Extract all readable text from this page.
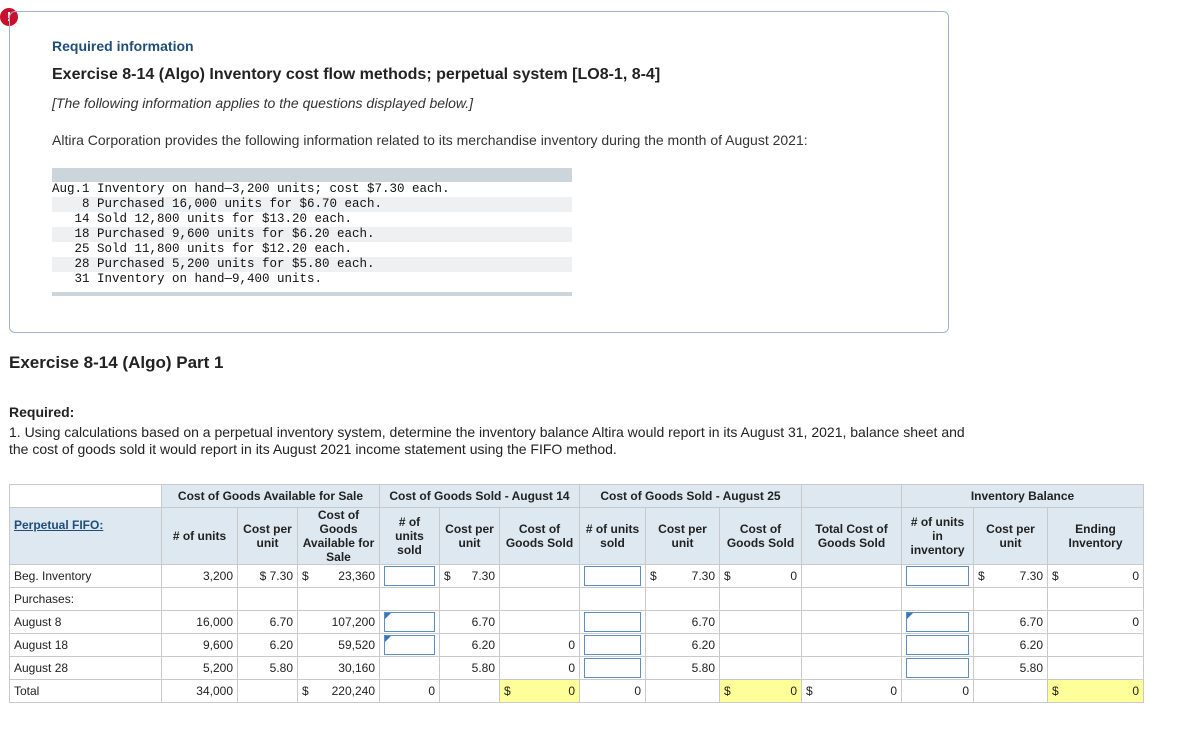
!
Required information
Exercise 8-14 (Algo) Inventory cost flow methods; perpetual system [LO8-1, 8-4]
[The following information applies to the questions displayed below.]
Altira Corporation provides the following information related to its merchandise inventory during the month of August 2021:
Aug.1 Inventory on hand—3,200 units; cost $7.30 each.
8 Purchased 16,000 units for $6.70 each.
14 Sold 12,800 units for $13.20 each.
18 Purchased 9,600 units for $6.20 each.
25 Sold 11,800 units for $12.20 each.
28 Purchased 5,200 units for $5.80 each.
31 Inventory on hand—9,400 units.
Exercise 8-14 (Algo) Part 1
Required:
1. Using calculations based on a perpetual inventory system, determine the inventory balance Altira would report in its August 31, 2021, balance sheet and the cost of goods sold it would report in its August 2021 income statement using the FIFO method.
	Cost of Goods Available for Sale			Cost of Goods Sold - August 14			Cost of Goods Sold - August 25				Inventory Balance		
Perpetual FIFO:	# of units	Cost per unit	Cost of Goods Available for Sale	# of units sold	Cost per unit	Cost of Goods Sold	# of units sold	Cost per unit	Cost of Goods Sold	Total Cost of Goods Sold	# of units in inventory	Cost per unit	Ending Inventory
Beg. Inventory	3,200	$ 7.30	$ 23,360		$ 7.30			$ 7.30	$ 0			$ 7.30	$ 0

Purchases:													
August 8	16,000	6.70	107,200		6.70			6.70				6.70	0
August 18	9,600	6.20	59,520		6.20	0		6.20				6.20	
August 28	5,200	5.80	30,160		5.80	0		5.80				5.80	
Total	34,000		$ 220,240	0		$ 0	0		$ 0	$ 0	0		$ 0
